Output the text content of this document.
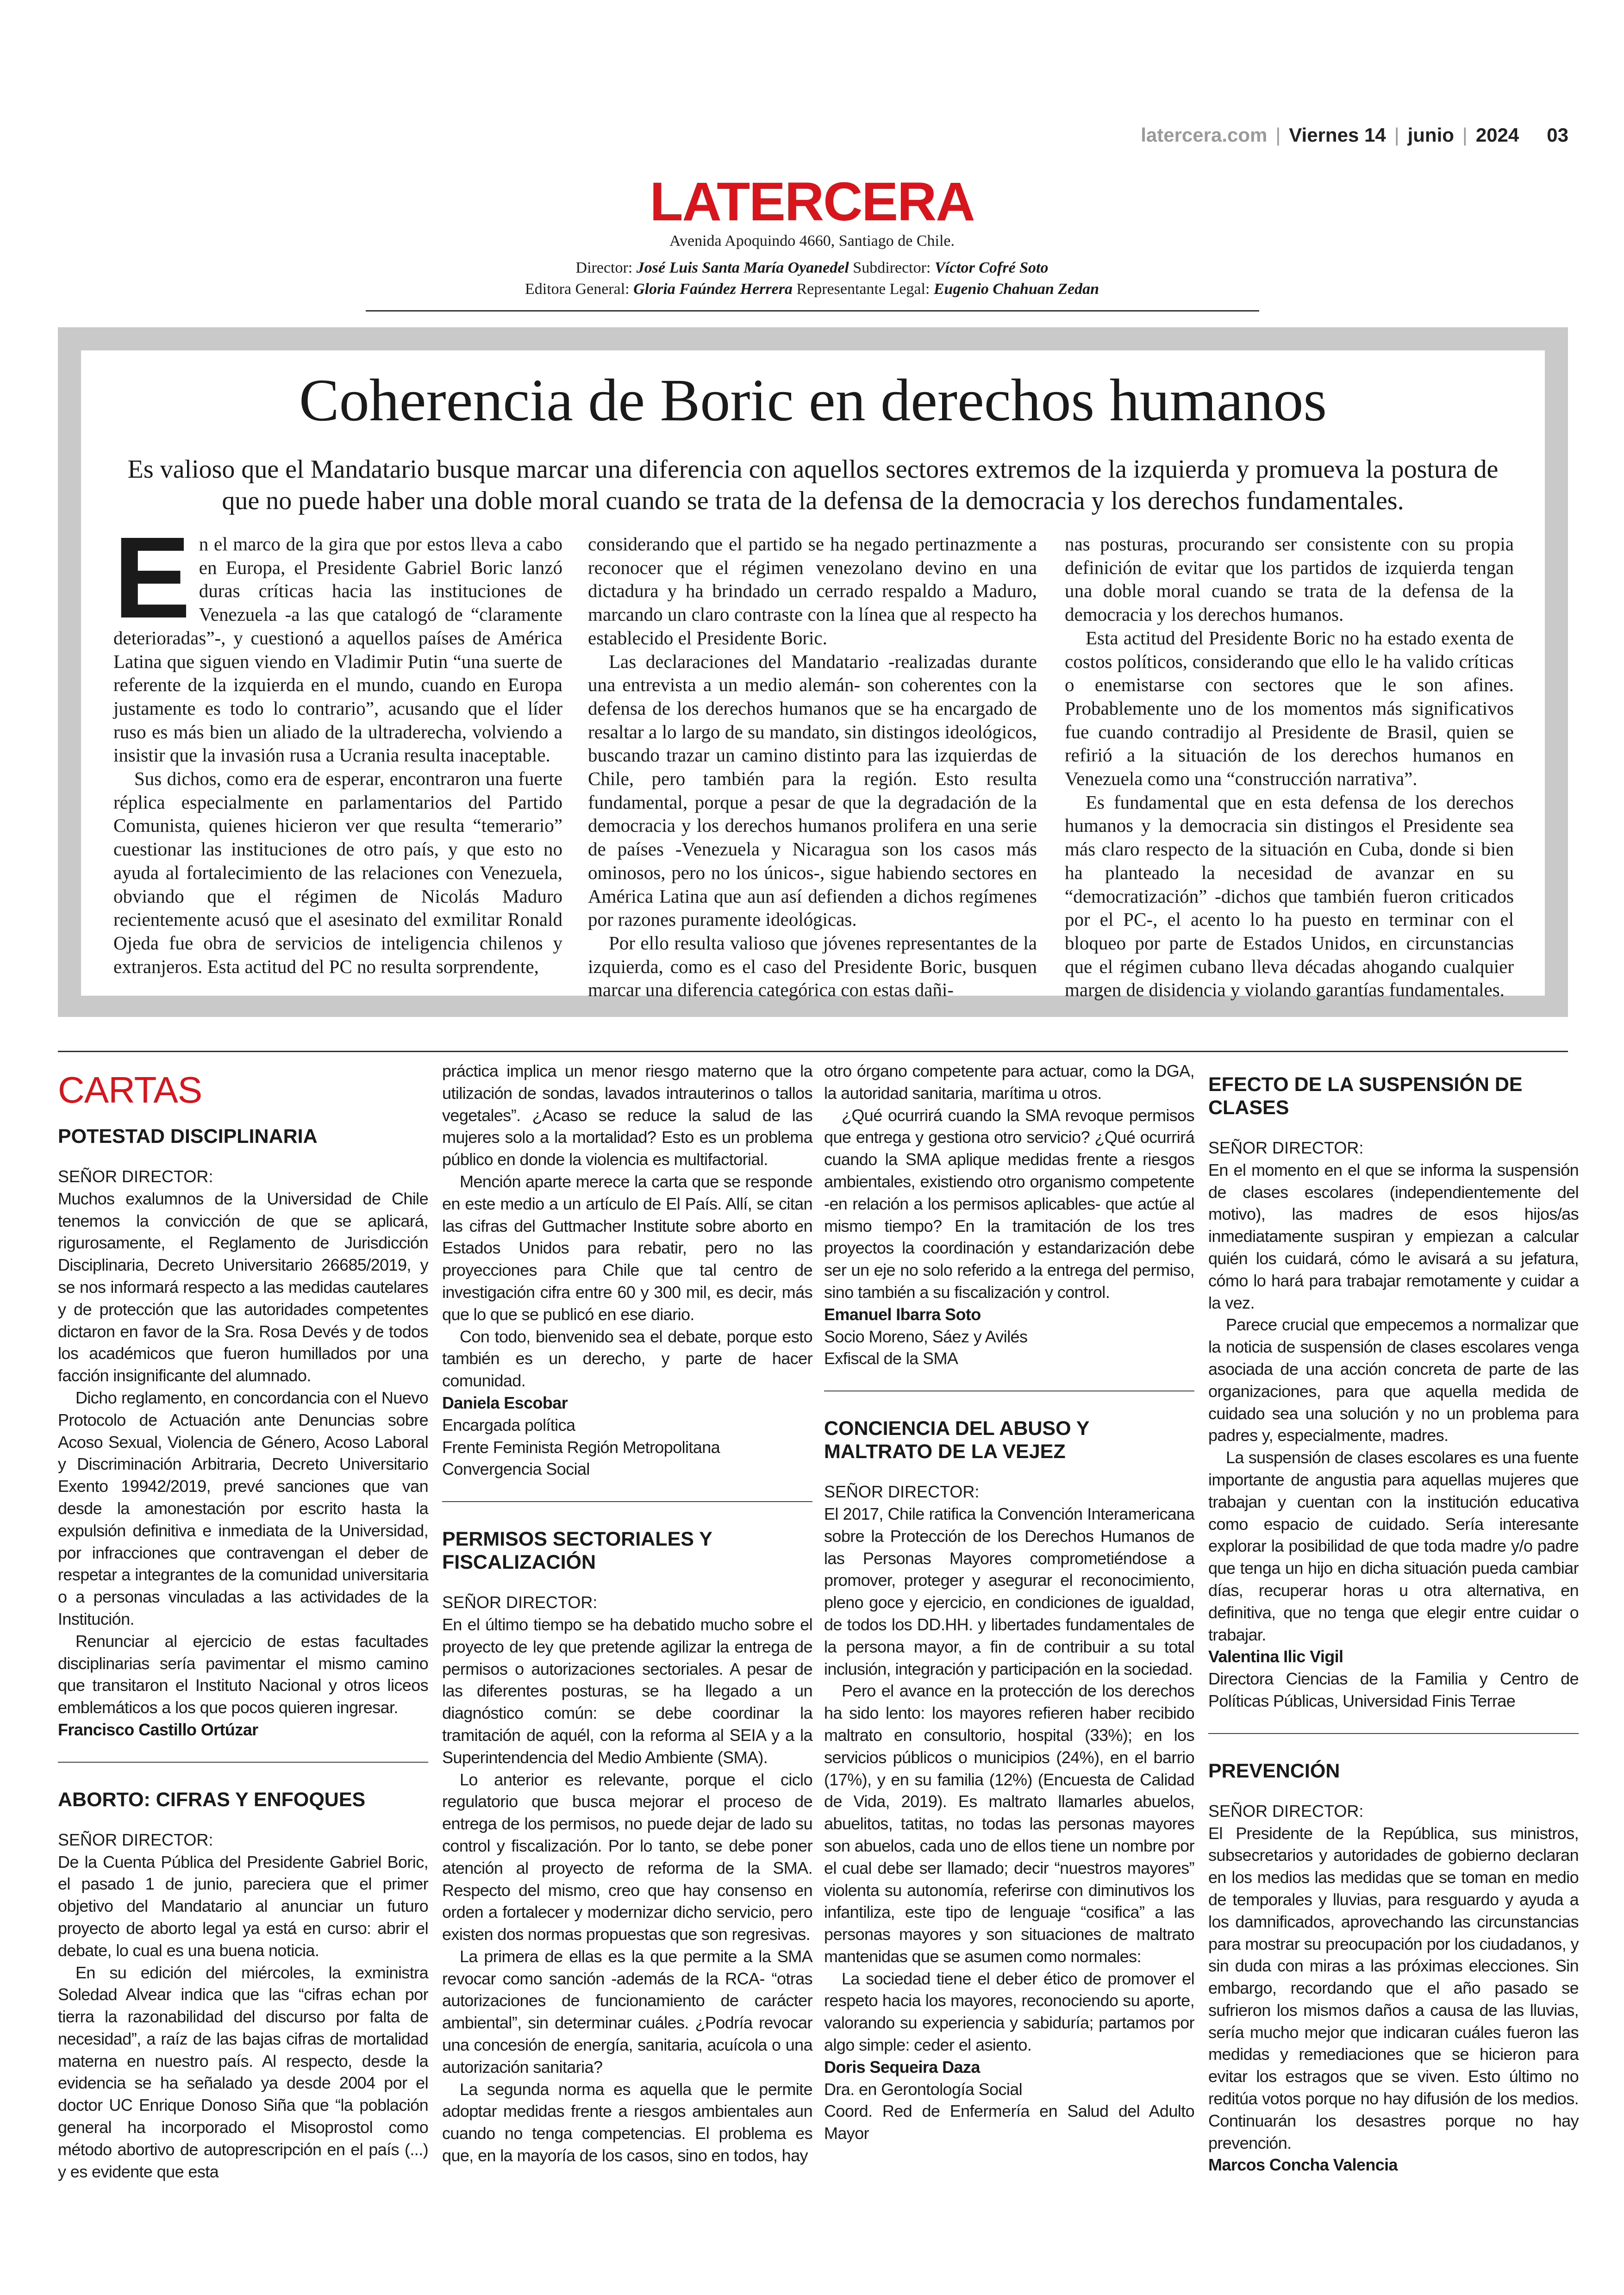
latercera.com | Viernes 14 | junio | 2024 03
LATERCERA
Avenida Apoquindo 4660, Santiago de Chile.
Director: José Luis Santa María Oyanedel Subdirector: Víctor Cofré Soto
Editora General: Gloria Faúndez Herrera Representante Legal: Eugenio Chahuan Zedan
Coherencia de Boric en derechos humanos
Es valioso que el Mandatario busque marcar una diferencia con aquellos sectores extremos de la izquierda y promueva la postura de que no puede haber una doble moral cuando se trata de la defensa de la democracia y los derechos fundamentales.

En el marco de la gira que por estos lleva a cabo en Europa, el Presidente Gabriel Boric lanzó duras críticas hacia las instituciones de Venezuela -a las que catalogó de “claramente deterioradas”-, y cuestionó a aquellos países de América Latina que siguen viendo en Vladimir Putin “una suerte de referente de la izquierda en el mundo, cuando en Europa justamente es todo lo contrario”, acusando que el líder ruso es más bien un aliado de la ultraderecha, volviendo a insistir que la invasión rusa a Ucrania resulta inaceptable.

Sus dichos, como era de esperar, encontraron una fuerte réplica especialmente en parlamentarios del Partido Comunista, quienes hicieron ver que resulta “temerario” cuestionar las instituciones de otro país, y que esto no ayuda al fortalecimiento de las relaciones con Venezuela, obviando que el régimen de Nicolás Maduro recientemente acusó que el asesinato del exmilitar Ronald Ojeda fue obra de servicios de inteligencia chilenos y extranjeros. Esta actitud del PC no resulta sorprendente,

considerando que el partido se ha negado pertinazmente a reconocer que el régimen venezolano devino en una dictadura y ha brindado un cerrado respaldo a Maduro, marcando un claro contraste con la línea que al respecto ha establecido el Presidente Boric.

Las declaraciones del Mandatario -realizadas durante una entrevista a un medio alemán- son coherentes con la defensa de los derechos humanos que se ha encargado de resaltar a lo largo de su mandato, sin distingos ideológicos, buscando trazar un camino distinto para las izquierdas de Chile, pero también para la región. Esto resulta fundamental, porque a pesar de que la degradación de la democracia y los derechos humanos prolifera en una serie de países -Venezuela y Nicaragua son los casos más ominosos, pero no los únicos-, sigue habiendo sectores en América Latina que aun así defienden a dichos regímenes por razones puramente ideológicas.

Por ello resulta valioso que jóvenes representantes de la izquierda, como es el caso del Presidente Boric, busquen marcar una diferencia categórica con estas dañi-

nas posturas, procurando ser consistente con su propia definición de evitar que los partidos de izquierda tengan una doble moral cuando se trata de la defensa de la democracia y los derechos humanos.

Esta actitud del Presidente Boric no ha estado exenta de costos políticos, considerando que ello le ha valido críticas o enemistarse con sectores que le son afines. Probablemente uno de los momentos más significativos fue cuando contradijo al Presidente de Brasil, quien se refirió a la situación de los derechos humanos en Venezuela como una “construcción narrativa”.

Es fundamental que en esta defensa de los derechos humanos y la democracia sin distingos el Presidente sea más claro respecto de la situación en Cuba, donde si bien ha planteado la necesidad de avanzar en su “democratización” -dichos que también fueron criticados por el PC-, el acento lo ha puesto en terminar con el bloqueo por parte de Estados Unidos, en circunstancias que el régimen cubano lleva décadas ahogando cualquier margen de disidencia y violando garantías fundamentales.

CARTAS
POTESTAD DISCIPLINARIA

SEÑOR DIRECTOR:

Muchos exalumnos de la Universidad de Chile tenemos la convicción de que se aplicará, rigurosamente, el Reglamento de Jurisdicción Disciplinaria, Decreto Universitario 26685/2019, y se nos informará respecto a las medidas cautelares y de protección que las autoridades competentes dictaron en favor de la Sra. Rosa Devés y de todos los académicos que fueron humillados por una facción insignificante del alumnado.

Dicho reglamento, en concordancia con el Nuevo Protocolo de Actuación ante Denuncias sobre Acoso Sexual, Violencia de Género, Acoso Laboral y Discriminación Arbitraria, Decreto Universitario Exento 19942/2019, prevé sanciones que van desde la amonestación por escrito hasta la expulsión definitiva e inmediata de la Universidad, por infracciones que contravengan el deber de respetar a integrantes de la comunidad universitaria o a personas vinculadas a las actividades de la Institución.

Renunciar al ejercicio de estas facultades disciplinarias sería pavimentar el mismo camino que transitaron el Instituto Nacional y otros liceos emblemáticos a los que pocos quieren ingresar.

Francisco Castillo Ortúzar

ABORTO: CIFRAS Y ENFOQUES

SEÑOR DIRECTOR:

De la Cuenta Pública del Presidente Gabriel Boric, el pasado 1 de junio, pareciera que el primer objetivo del Mandatario al anunciar un futuro proyecto de aborto legal ya está en curso: abrir el debate, lo cual es una buena noticia.

En su edición del miércoles, la exministra Soledad Alvear indica que las “cifras echan por tierra la razonabilidad del discurso por falta de necesidad”, a raíz de las bajas cifras de mortalidad materna en nuestro país. Al respecto, desde la evidencia se ha señalado ya desde 2004 por el doctor UC Enrique Donoso Siña que “la población general ha incorporado el Misoprostol como método abortivo de autoprescripción en el país (...) y es evidente que esta

práctica implica un menor riesgo materno que la utilización de sondas, lavados intrauterinos o tallos vegetales”. ¿Acaso se reduce la salud de las mujeres solo a la mortalidad? Esto es un problema público en donde la violencia es multifactorial.

Mención aparte merece la carta que se responde en este medio a un artículo de El País. Allí, se citan las cifras del Guttmacher Institute sobre aborto en Estados Unidos para rebatir, pero no las proyecciones para Chile que tal centro de investigación cifra entre 60 y 300 mil, es decir, más que lo que se publicó en ese diario.

Con todo, bienvenido sea el debate, porque esto también es un derecho, y parte de hacer comunidad.

Daniela Escobar

Encargada política

Frente Feminista Región Metropolitana

Convergencia Social

PERMISOS SECTORIALES Y FISCALIZACIÓN

SEÑOR DIRECTOR:

En el último tiempo se ha debatido mucho sobre el proyecto de ley que pretende agilizar la entrega de permisos o autorizaciones sectoriales. A pesar de las diferentes posturas, se ha llegado a un diagnóstico común: se debe coordinar la tramitación de aquél, con la reforma al SEIA y a la Superintendencia del Medio Ambiente (SMA).

Lo anterior es relevante, porque el ciclo regulatorio que busca mejorar el proceso de entrega de los permisos, no puede dejar de lado su control y fiscalización. Por lo tanto, se debe poner atención al proyecto de reforma de la SMA. Respecto del mismo, creo que hay consenso en orden a fortalecer y modernizar dicho servicio, pero existen dos normas propuestas que son regresivas.

La primera de ellas es la que permite a la SMA revocar como sanción -además de la RCA- “otras autorizaciones de funcionamiento de carácter ambiental”, sin determinar cuáles. ¿Podría revocar una concesión de energía, sanitaria, acuícola o una autorización sanitaria?

La segunda norma es aquella que le permite adoptar medidas frente a riesgos ambientales aun cuando no tenga competencias. El problema es que, en la mayoría de los casos, sino en todos, hay

otro órgano competente para actuar, como la DGA, la autoridad sanitaria, marítima u otros.

¿Qué ocurrirá cuando la SMA revoque permisos que entrega y gestiona otro servicio? ¿Qué ocurrirá cuando la SMA aplique medidas frente a riesgos ambientales, existiendo otro organismo competente -en relación a los permisos aplicables- que actúe al mismo tiempo? En la tramitación de los tres proyectos la coordinación y estandarización debe ser un eje no solo referido a la entrega del permiso, sino también a su fiscalización y control.

Emanuel Ibarra Soto

Socio Moreno, Sáez y Avilés

Exfiscal de la SMA

CONCIENCIA DEL ABUSO Y MALTRATO DE LA VEJEZ

SEÑOR DIRECTOR:

El 2017, Chile ratifica la Convención Interamericana sobre la Protección de los Derechos Humanos de las Personas Mayores comprometiéndose a promover, proteger y asegurar el reconocimiento, pleno goce y ejercicio, en condiciones de igualdad, de todos los DD.HH. y libertades fundamentales de la persona mayor, a fin de contribuir a su total inclusión, integración y participación en la sociedad.

Pero el avance en la protección de los derechos ha sido lento: los mayores refieren haber recibido maltrato en consultorio, hospital (33%); en los servicios públicos o municipios (24%), en el barrio (17%), y en su familia (12%) (Encuesta de Calidad de Vida, 2019). Es maltrato llamarles abuelos, abuelitos, tatitas, no todas las personas mayores son abuelos, cada uno de ellos tiene un nombre por el cual debe ser llamado; decir “nuestros mayores” violenta su autonomía, referirse con diminutivos los infantiliza, este tipo de lenguaje “cosifica” a las personas mayores y son situaciones de maltrato mantenidas que se asumen como normales:

La sociedad tiene el deber ético de promover el respeto hacia los mayores, reconociendo su aporte, valorando su experiencia y sabiduría; partamos por algo simple: ceder el asiento.

Doris Sequeira Daza

Dra. en Gerontología Social

Coord. Red de Enfermería en Salud del Adulto Mayor

EFECTO DE LA SUSPENSIÓN DE CLASES

SEÑOR DIRECTOR:

En el momento en el que se informa la suspensión de clases escolares (independientemente del motivo), las madres de esos hijos/as inmediatamente suspiran y empiezan a calcular quién los cuidará, cómo le avisará a su jefatura, cómo lo hará para trabajar remotamente y cuidar a la vez.

Parece crucial que empecemos a normalizar que la noticia de suspensión de clases escolares venga asociada de una acción concreta de parte de las organizaciones, para que aquella medida de cuidado sea una solución y no un problema para padres y, especialmente, madres.

La suspensión de clases escolares es una fuente importante de angustia para aquellas mujeres que trabajan y cuentan con la institución educativa como espacio de cuidado. Sería interesante explorar la posibilidad de que toda madre y/o padre que tenga un hijo en dicha situación pueda cambiar días, recuperar horas u otra alternativa, en definitiva, que no tenga que elegir entre cuidar o trabajar.

Valentina Ilic Vigil

Directora Ciencias de la Familia y Centro de Políticas Públicas, Universidad Finis Terrae

PREVENCIÓN

SEÑOR DIRECTOR:

El Presidente de la República, sus ministros, subsecretarios y autoridades de gobierno declaran en los medios las medidas que se toman en medio de temporales y lluvias, para resguardo y ayuda a los damnificados, aprovechando las circunstancias para mostrar su preocupación por los ciudadanos, y sin duda con miras a las próximas elecciones. Sin embargo, recordando que el año pasado se sufrieron los mismos daños a causa de las lluvias, sería mucho mejor que indicaran cuáles fueron las medidas y remediaciones que se hicieron para evitar los estragos que se viven. Esto último no reditúa votos porque no hay difusión de los medios. Continuarán los desastres porque no hay prevención.

Marcos Concha Valencia
